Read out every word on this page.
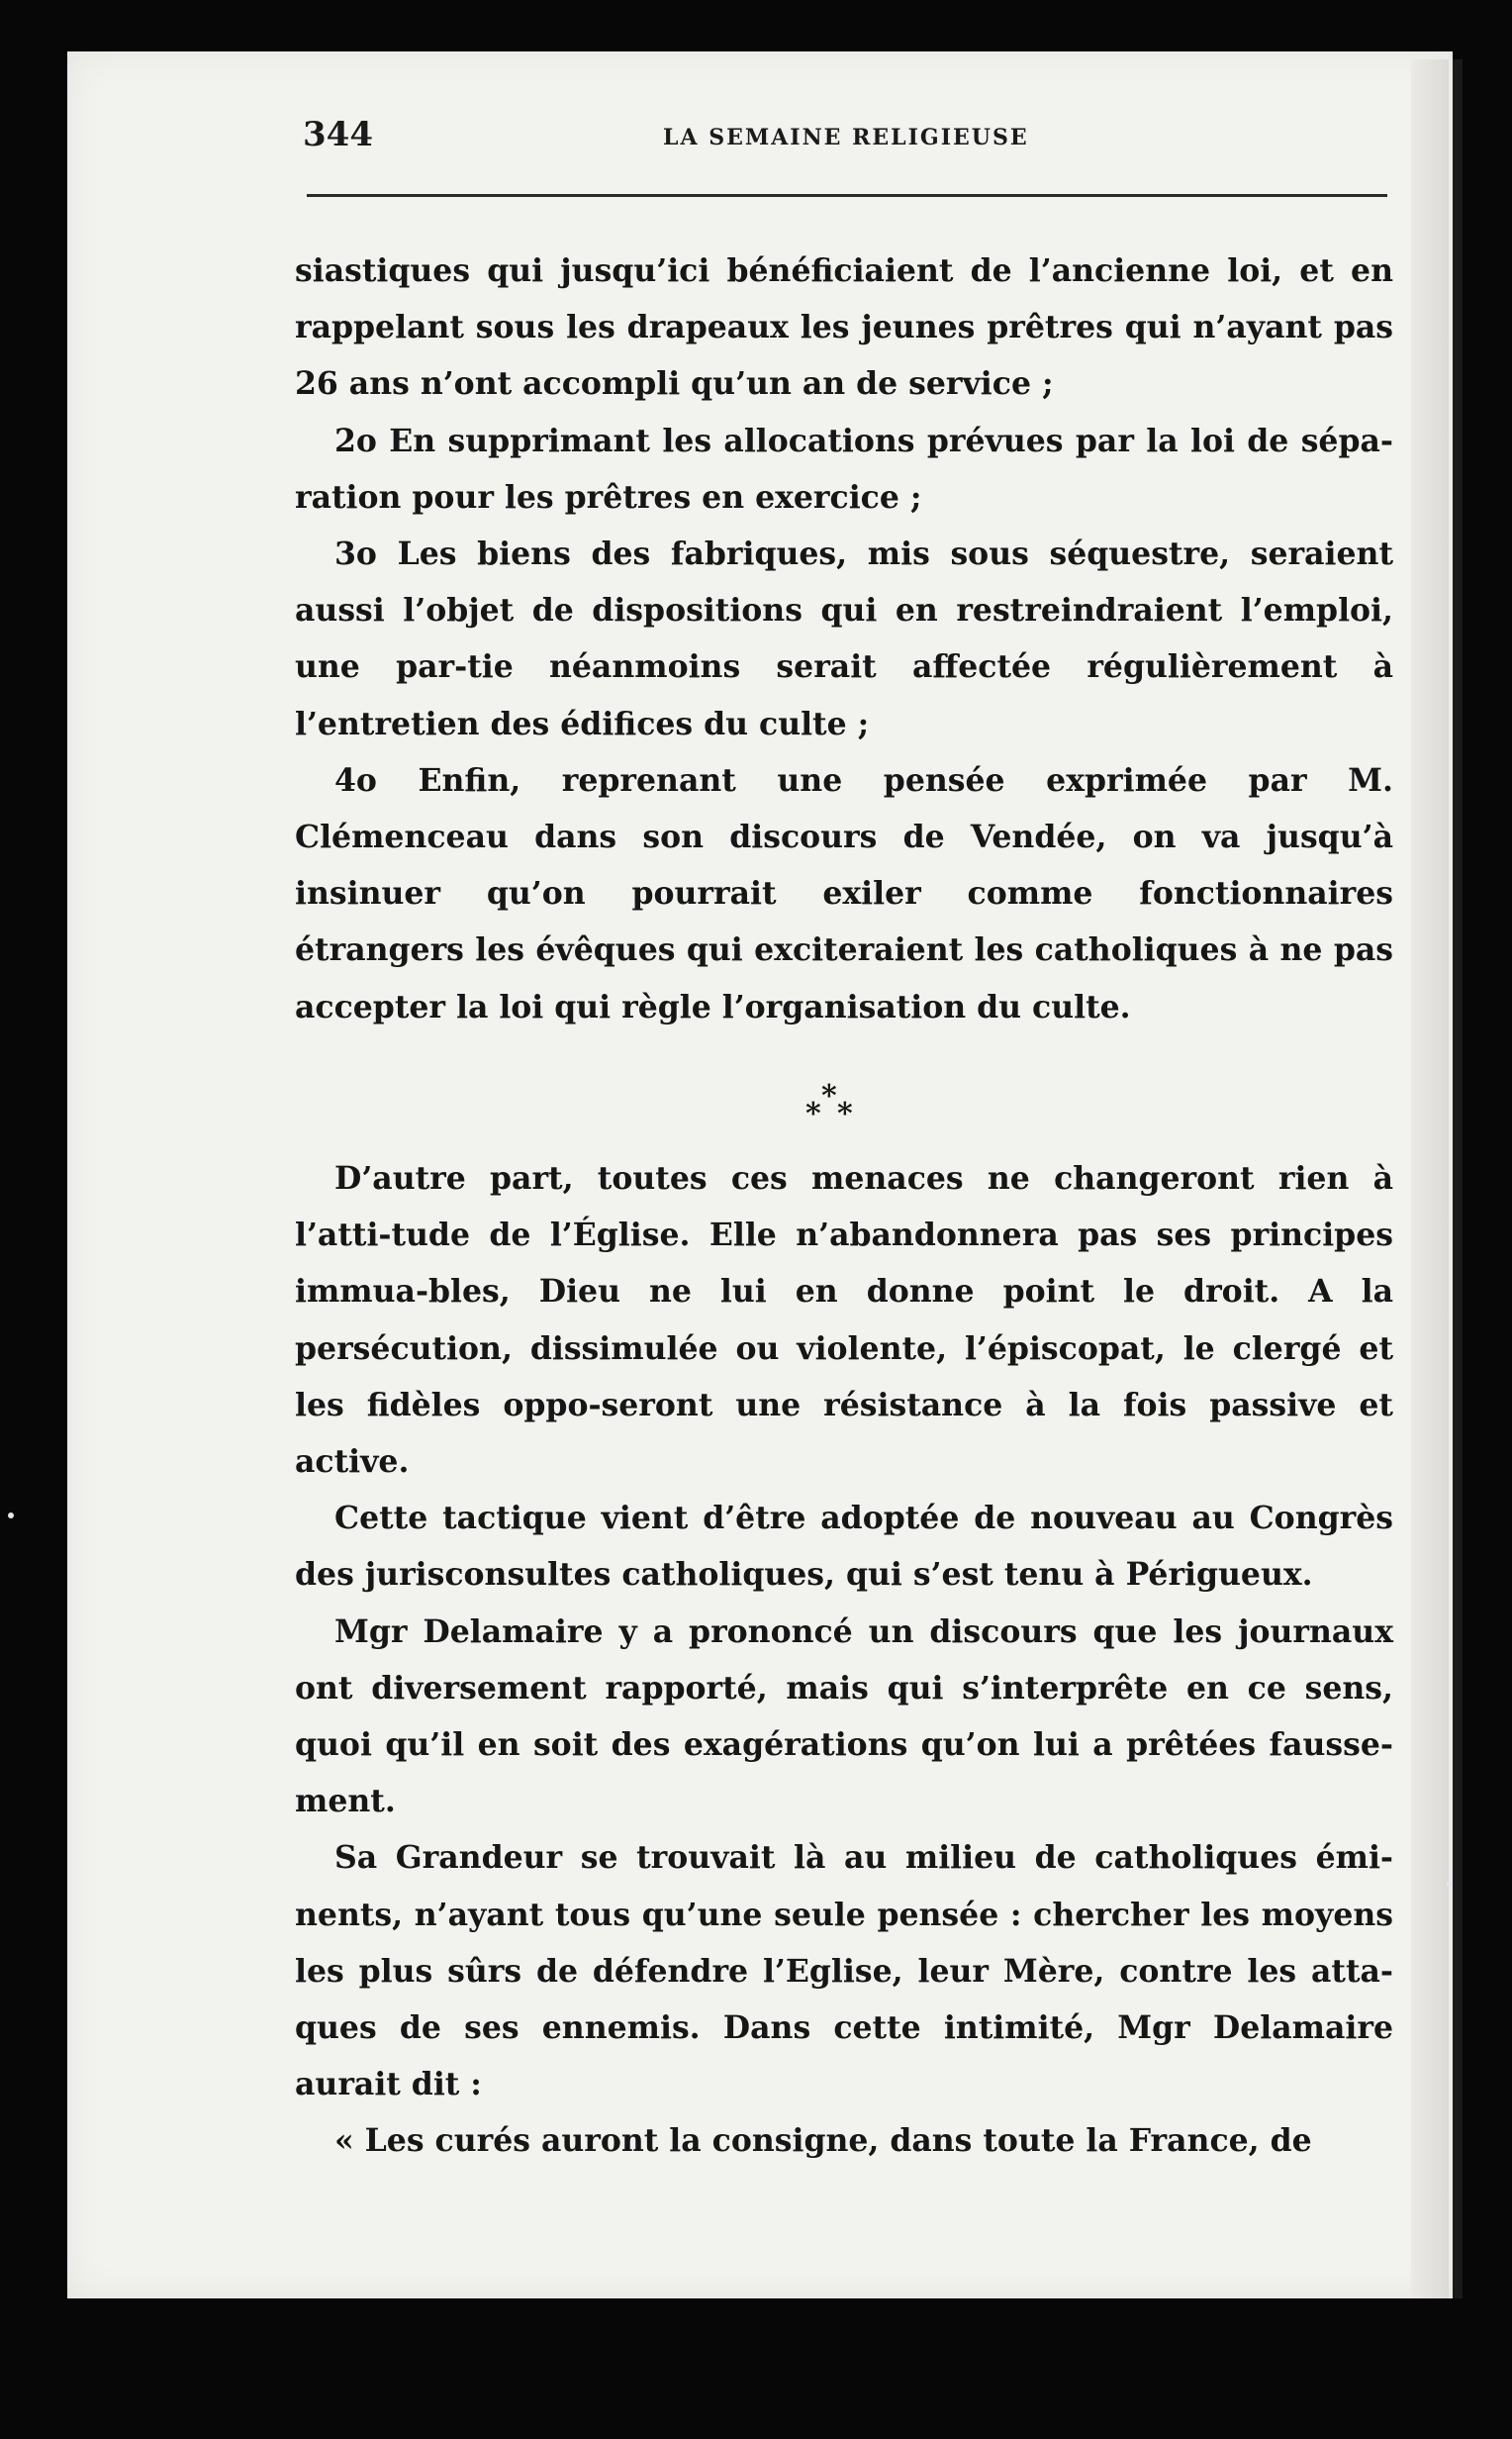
344	LA SEMAINE RELIGIEUSE

siastiques qui jusqu’ici bénéficiaient de l’ancienne loi, et en rappelant sous les drapeaux les jeunes prêtres qui n’ayant pas 26 ans n’ont accompli qu’un an de service ;

2o En supprimant les allocations prévues par la loi de sépa-ration pour les prêtres en exercice ;

3o Les biens des fabriques, mis sous séquestre, seraient aussi l’objet de dispositions qui en restreindraient l’emploi, une par-tie néanmoins serait affectée régulièrement à l’entretien des édifices du culte ;

4o Enfin, reprenant une pensée exprimée par M. Clémenceau dans son discours de Vendée, on va jusqu’à insinuer qu’on pourrait exiler comme fonctionnaires étrangers les évêques qui exciteraient les catholiques à ne pas accepter la loi qui règle l’organisation du culte.

*
* *

D’autre part, toutes ces menaces ne changeront rien à l’atti-tude de l’Église. Elle n’abandonnera pas ses principes immua-bles, Dieu ne lui en donne point le droit. A la persécution, dissimulée ou violente, l’épiscopat, le clergé et les fidèles oppo-seront une résistance à la fois passive et active.

Cette tactique vient d’être adoptée de nouveau au Congrès des jurisconsultes catholiques, qui s’est tenu à Périgueux.

Mgr Delamaire y a prononcé un discours que les journaux ont diversement rapporté, mais qui s’interprête en ce sens, quoi qu’il en soit des exagérations qu’on lui a prêtées fausse-ment.

Sa Grandeur se trouvait là au milieu de catholiques émi-nents, n’ayant tous qu’une seule pensée : chercher les moyens les plus sûrs de défendre l’Eglise, leur Mère, contre les atta-ques de ses ennemis. Dans cette intimité, Mgr Delamaire aurait dit :

« Les curés auront la consigne, dans toute la France, de
